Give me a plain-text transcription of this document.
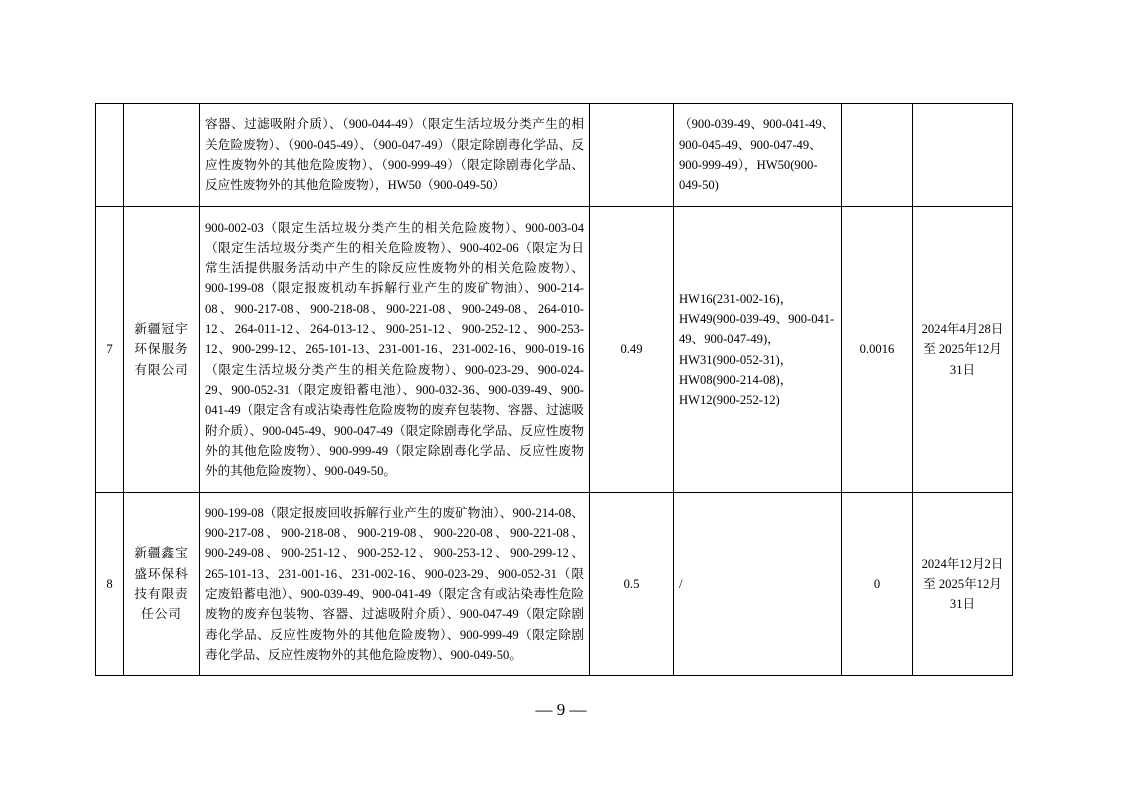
		容器、过滤吸附介质）、（900-044-49）（限定生活垃圾分类产生的相关危险废物）、（900-045-49）、（900-047-49）（限定除剧毒化学品、反应性废物外的其他危险废物）、（900-999-49）（限定除剧毒化学品、反应性废物外的其他危险废物），HW50（900-049-50）		（900-039-49、900-041-49、900-045-49、900-047-49、900-999-49），HW50(900-049-50)		
7	新疆冠宇环保服务有限公司	900-002-03（限定生活垃圾分类产生的相关危险废物）、900-003-04（限定生活垃圾分类产生的相关危险废物）、900-402-06（限定为日常生活提供服务活动中产生的除反应性废物外的相关危险废物）、900-199-08（限定报废机动车拆解行业产生的废矿物油）、900-214-08、900-217-08、900-218-08、900-221-08、900-249-08、264-010-12、264-011-12、264-013-12、900-251-12、900-252-12、900-253-12、900-299-12、265-101-13、231-001-16、231-002-16、900-019-16（限定生活垃圾分类产生的相关危险废物）、900-023-29、900-024-29、900-052-31（限定废铅蓄电池）、900-032-36、900-039-49、900-041-49（限定含有或沾染毒性危险废物的废弃包装物、容器、过滤吸附介质）、900-045-49、900-047-49（限定除剧毒化学品、反应性废物外的其他危险废物）、900-999-49（限定除剧毒化学品、反应性废物外的其他危险废物）、900-049-50。	0.49	HW16(231-002-16)，HW49(900-039-49、900-041-49、900-047-49)，HW31(900-052-31)，HW08(900-214-08)，HW12(900-252-12)	0.0016	2024年4月28日至 2025年12月31日
8	新疆鑫宝盛环保科技有限责任公司	900-199-08（限定报废回收拆解行业产生的废矿物油）、900-214-08、900-217-08、900-218-08、900-219-08、900-220-08、900-221-08、900-249-08、900-251-12、900-252-12、900-253-12、900-299-12、265-101-13、231-001-16、231-002-16、900-023-29、900-052-31（限定废铅蓄电池）、900-039-49、900-041-49（限定含有或沾染毒性危险废物的废弃包装物、容器、过滤吸附介质）、900-047-49（限定除剧毒化学品、反应性废物外的其他危险废物）、900-999-49（限定除剧毒化学品、反应性废物外的其他危险废物）、900-049-50。	0.5	/	0	2024年12月2日至 2025年12月31日
— 9 —
